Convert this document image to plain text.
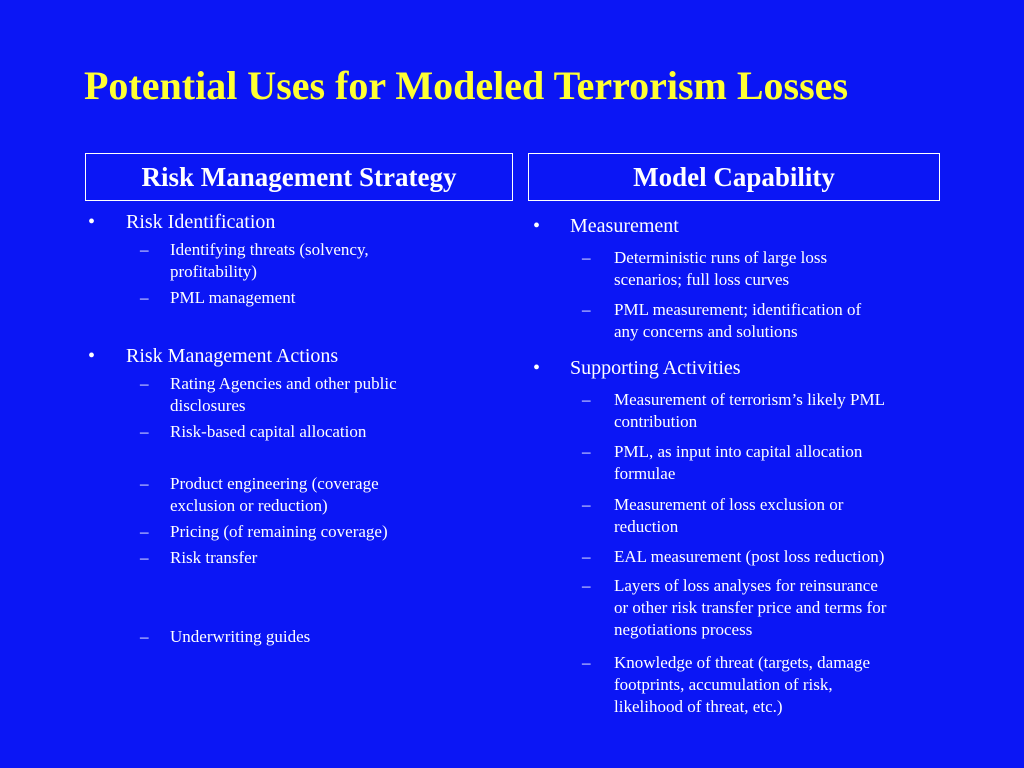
Potential Uses for Modeled Terrorism Losses
Risk Management Strategy	Model Capability
• Risk Identification
– Identifying threats (solvency,
profitability)
– PML management
• Risk Management Actions
– Rating Agencies and other public
disclosures
– Risk-based capital allocation
– Product engineering (coverage
exclusion or reduction)
– Pricing (of remaining coverage)
– Risk transfer
– Underwriting guides
• Measurement
– Deterministic runs of large loss
scenarios; full loss curves
– PML measurement; identification of
any concerns and solutions
• Supporting Activities
– Measurement of terrorism’s likely PML
contribution
– PML, as input into capital allocation
formulae
– Measurement of loss exclusion or
reduction
– EAL measurement (post loss reduction)
– Layers of loss analyses for reinsurance
or other risk transfer price and terms for
negotiations process
– Knowledge of threat (targets, damage
footprints, accumulation of risk,
likelihood of threat, etc.)
